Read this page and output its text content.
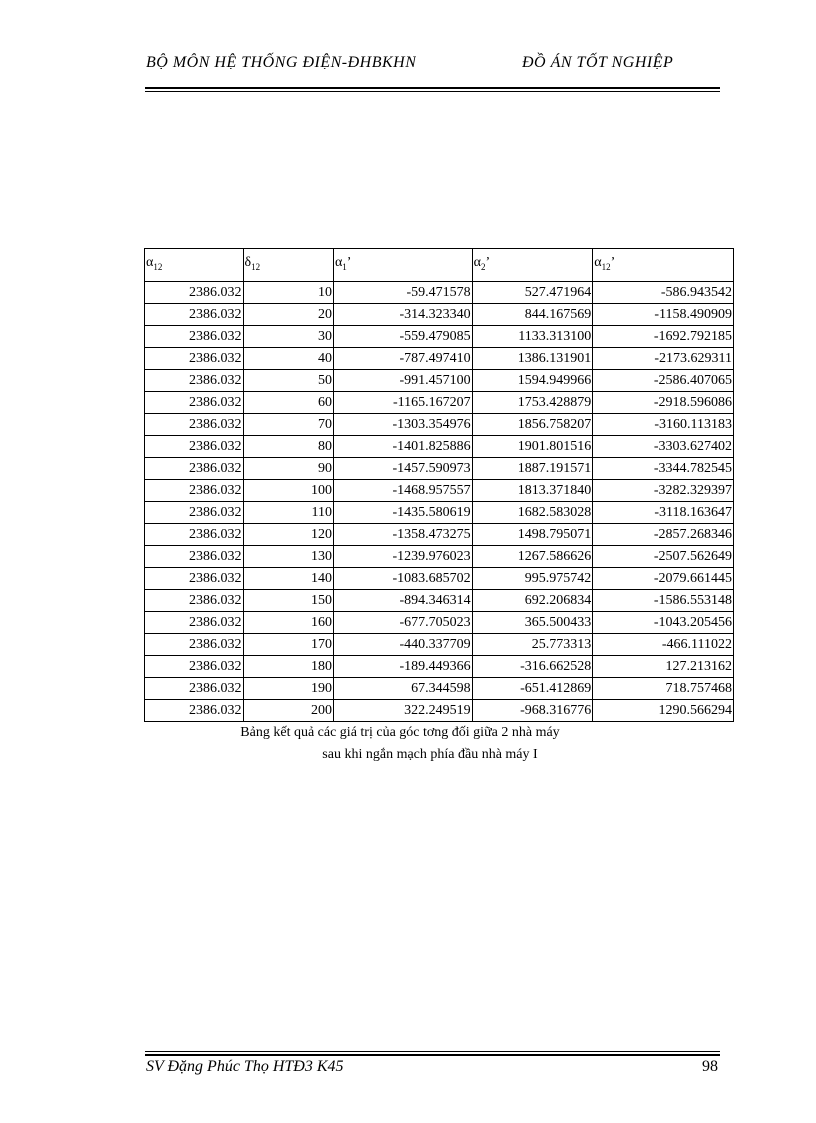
BỘ MÔN HỆ THỐNG ĐIỆN-ĐHBKHN	ĐỒ ÁN TỐT NGHIỆP
$\alpha_{12}$	$\delta_{12}$	$\alpha_1$’	$\alpha_2$’	$\alpha_{12}$’
2386.032	10	-59.471578	527.471964	-586.943542
2386.032	20	-314.323340	844.167569	-1158.490909
2386.032	30	-559.479085	1133.313100	-1692.792185
2386.032	40	-787.497410	1386.131901	-2173.629311
2386.032	50	-991.457100	1594.949966	-2586.407065
2386.032	60	-1165.167207	1753.428879	-2918.596086
2386.032	70	-1303.354976	1856.758207	-3160.113183
2386.032	80	-1401.825886	1901.801516	-3303.627402
2386.032	90	-1457.590973	1887.191571	-3344.782545
2386.032	100	-1468.957557	1813.371840	-3282.329397
2386.032	110	-1435.580619	1682.583028	-3118.163647
2386.032	120	-1358.473275	1498.795071	-2857.268346
2386.032	130	-1239.976023	1267.586626	-2507.562649
2386.032	140	-1083.685702	995.975742	-2079.661445
2386.032	150	-894.346314	692.206834	-1586.553148
2386.032	160	-677.705023	365.500433	-1043.205456
2386.032	170	-440.337709	25.773313	-466.111022
2386.032	180	-189.449366	-316.662528	127.213162
2386.032	190	67.344598	-651.412869	718.757468
2386.032	200	322.249519	-968.316776	1290.566294
Bảng kết quả các giá trị của góc tơng đối giữa 2 nhà máy
sau khi ngắn mạch phía đầu nhà máy I
SV Đặng Phúc Thọ HTĐ3 K45	98
